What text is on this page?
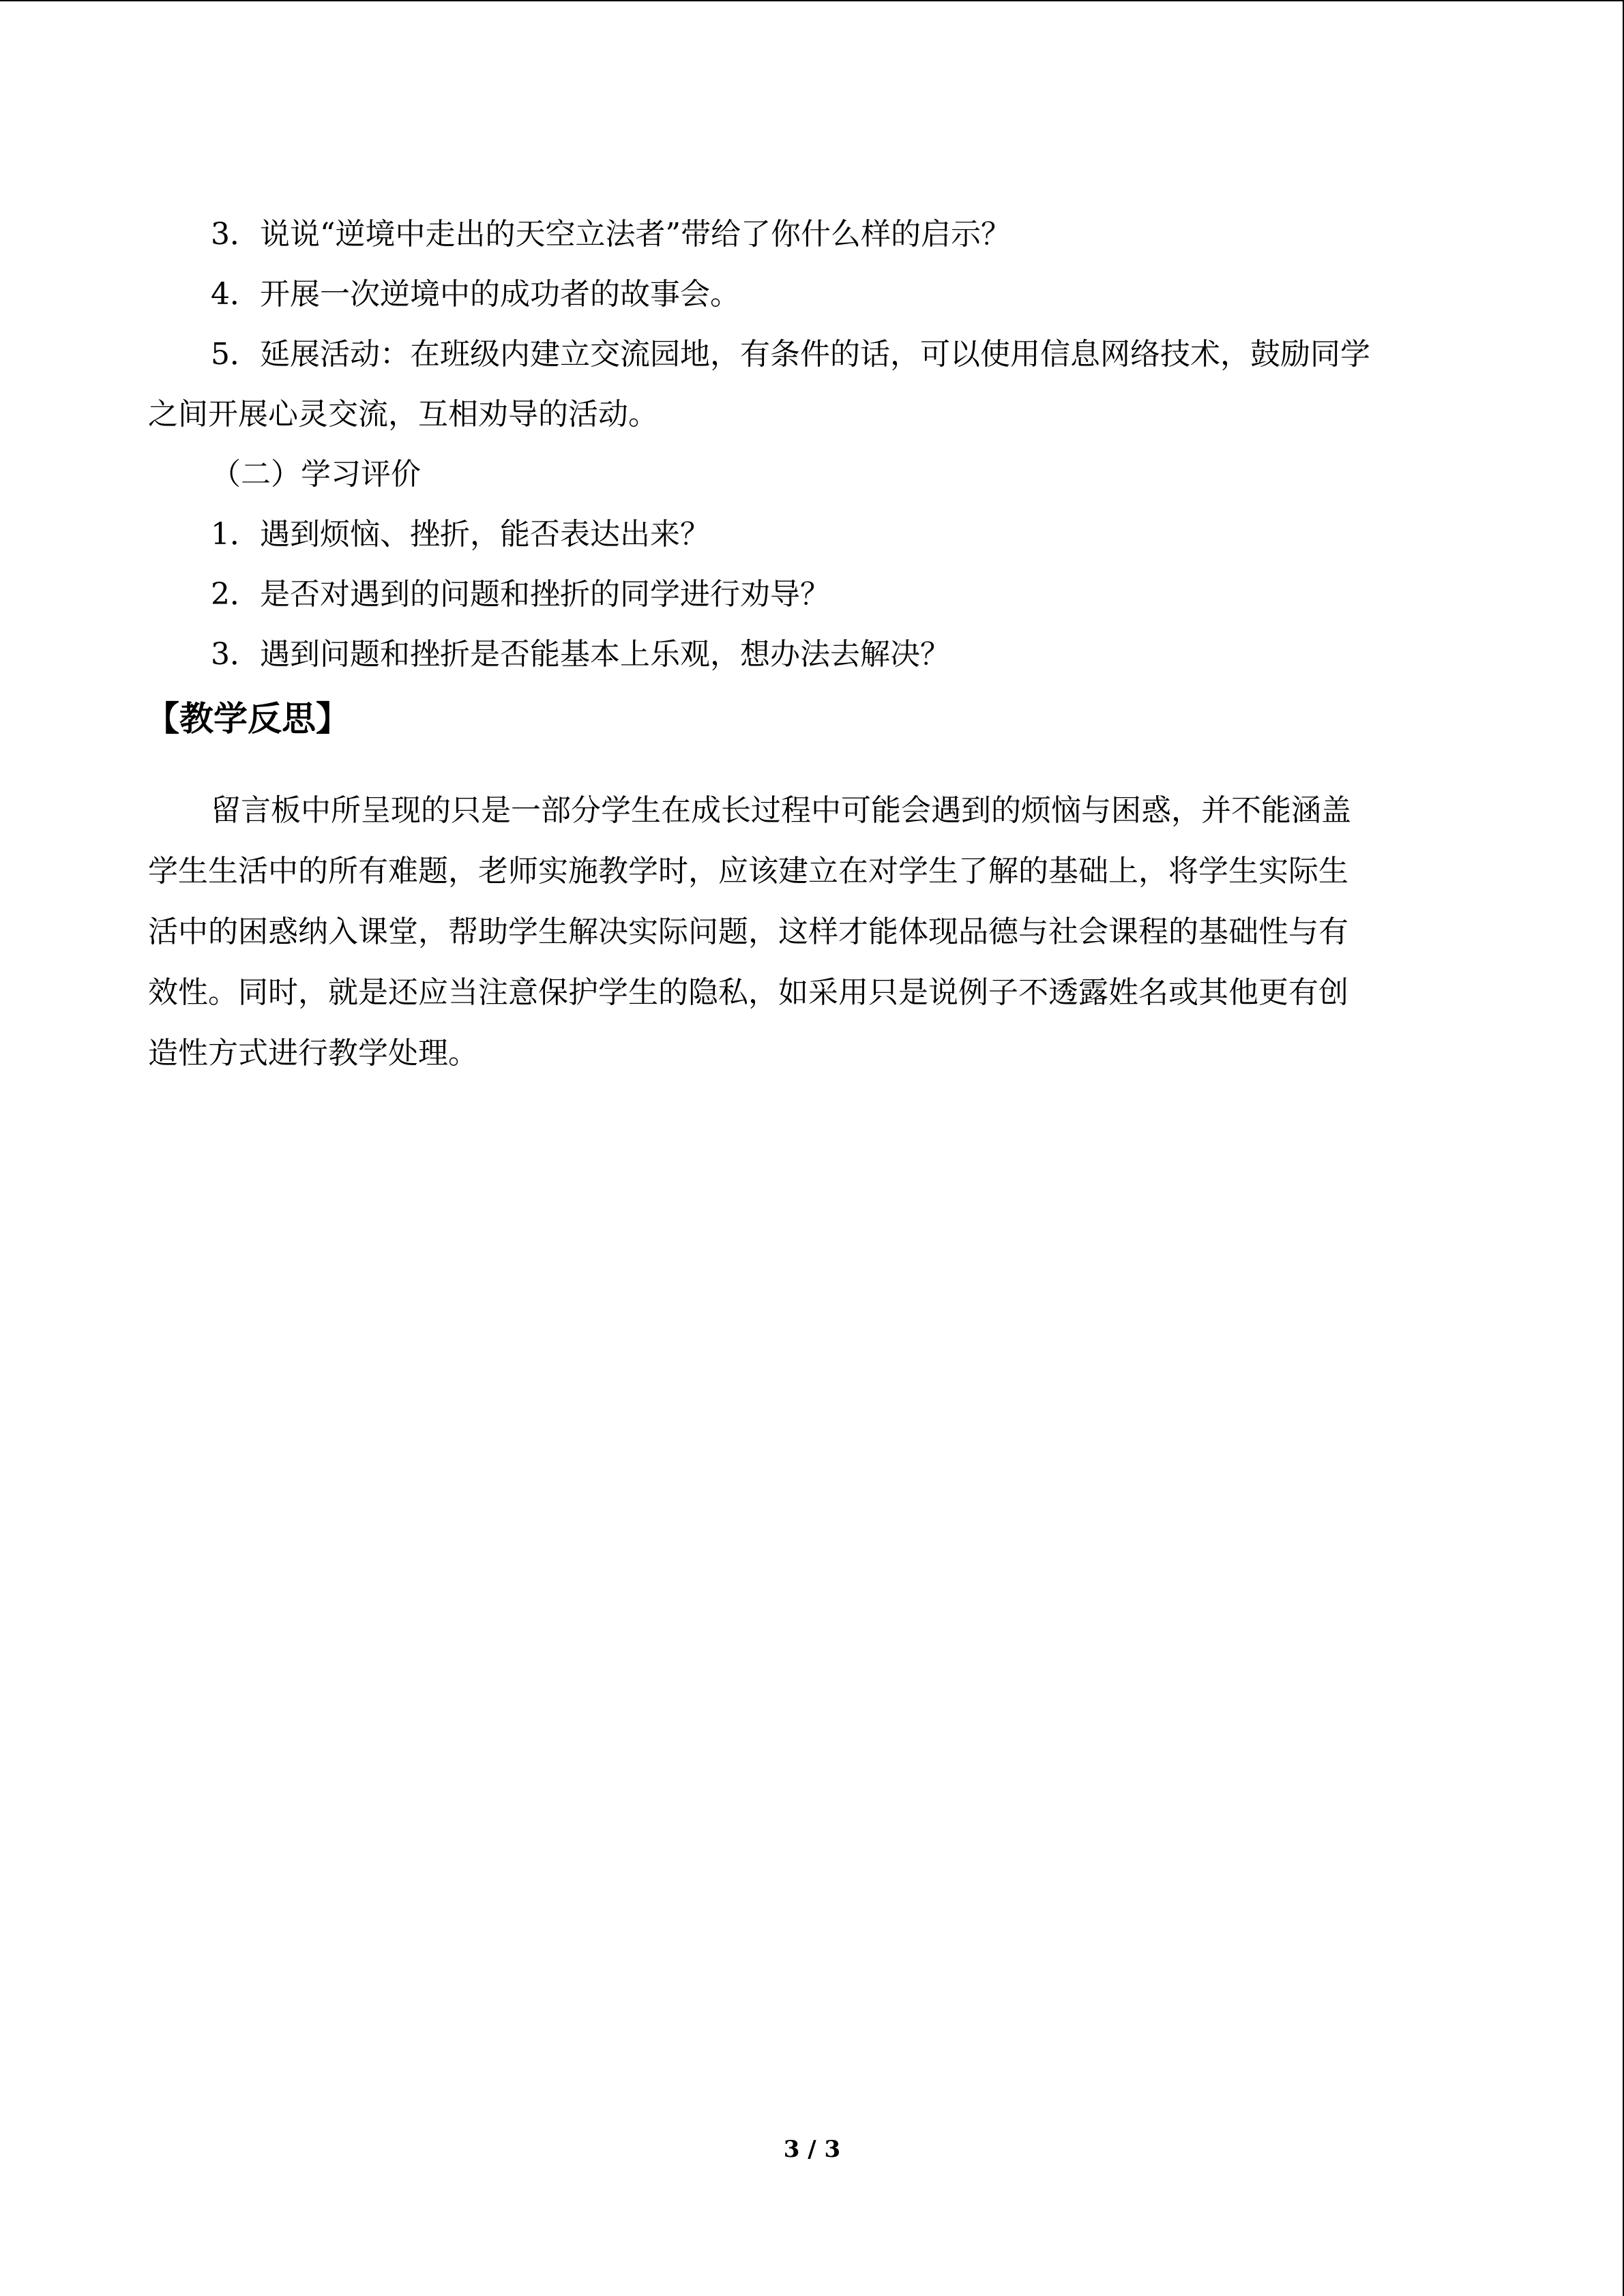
3．说说“逆境中走出的天空立法者”带给了你什么样的启示？
4．开展一次逆境中的成功者的故事会。
5．延展活动：在班级内建立交流园地，有条件的话，可以使用信息网络技术，鼓励同学
之间开展心灵交流，互相劝导的活动。
（二）学习评价
1．遇到烦恼、挫折，能否表达出来？
2．是否对遇到的问题和挫折的同学进行劝导？
3．遇到问题和挫折是否能基本上乐观，想办法去解决？
【教学反思】
留言板中所呈现的只是一部分学生在成长过程中可能会遇到的烦恼与困惑，并不能涵盖
学生生活中的所有难题，老师实施教学时，应该建立在对学生了解的基础上，将学生实际生
活中的困惑纳入课堂，帮助学生解决实际问题，这样才能体现品德与社会课程的基础性与有
效性。同时，就是还应当注意保护学生的隐私，如采用只是说例子不透露姓名或其他更有创
造性方式进行教学处理。
3 / 3
